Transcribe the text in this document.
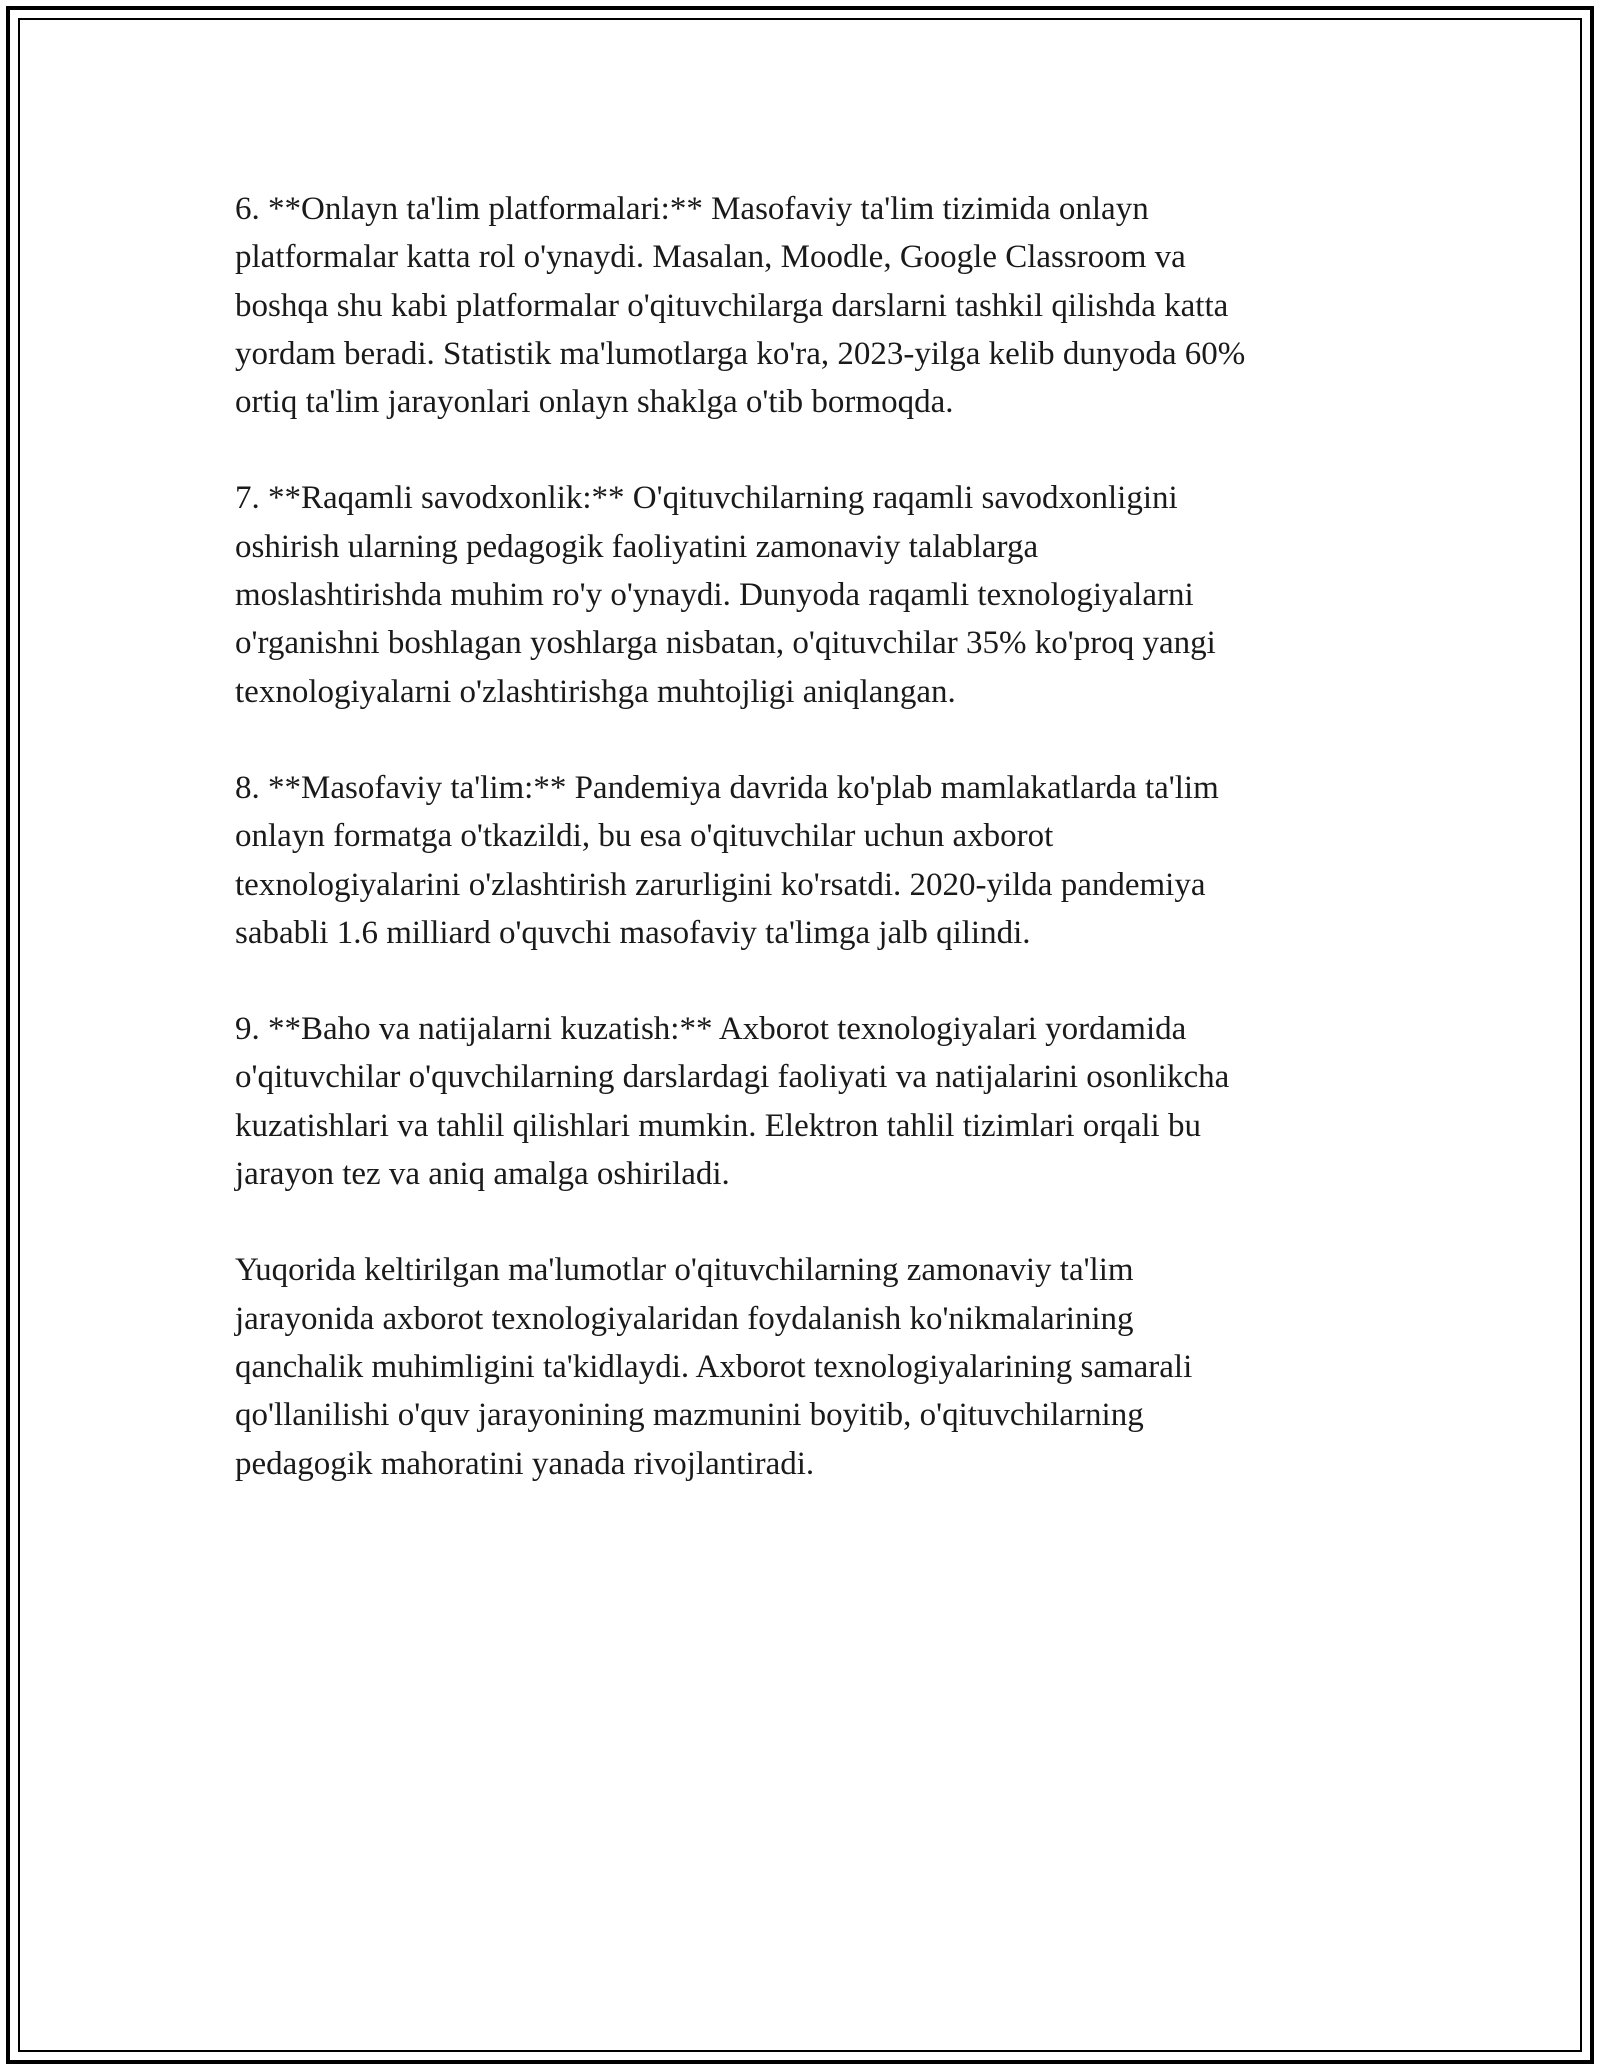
6. **Onlayn ta'lim platformalari:** Masofaviy ta'lim tizimida onlayn
platformalar katta rol o'ynaydi. Masalan, Moodle, Google Classroom va
boshqa shu kabi platformalar o'qituvchilarga darslarni tashkil qilishda katta
yordam beradi. Statistik ma'lumotlarga ko'ra, 2023-yilga kelib dunyoda 60%
ortiq ta'lim jarayonlari onlayn shaklga o'tib bormoqda.

7. **Raqamli savodxonlik:** O'qituvchilarning raqamli savodxonligini
oshirish ularning pedagogik faoliyatini zamonaviy talablarga
moslashtirishda muhim ro'y o'ynaydi. Dunyoda raqamli texnologiyalarni
o'rganishni boshlagan yoshlarga nisbatan, o'qituvchilar 35% ko'proq yangi
texnologiyalarni o'zlashtirishga muhtojligi aniqlangan.

8. **Masofaviy ta'lim:** Pandemiya davrida ko'plab mamlakatlarda ta'lim
onlayn formatga o'tkazildi, bu esa o'qituvchilar uchun axborot
texnologiyalarini o'zlashtirish zarurligini ko'rsatdi. 2020-yilda pandemiya
sababli 1.6 milliard o'quvchi masofaviy ta'limga jalb qilindi.

9. **Baho va natijalarni kuzatish:** Axborot texnologiyalari yordamida
o'qituvchilar o'quvchilarning darslardagi faoliyati va natijalarini osonlikcha
kuzatishlari va tahlil qilishlari mumkin. Elektron tahlil tizimlari orqali bu
jarayon tez va aniq amalga oshiriladi.

Yuqorida keltirilgan ma'lumotlar o'qituvchilarning zamonaviy ta'lim
jarayonida axborot texnologiyalaridan foydalanish ko'nikmalarining
qanchalik muhimligini ta'kidlaydi. Axborot texnologiyalarining samarali
qo'llanilishi o'quv jarayonining mazmunini boyitib, o'qituvchilarning
pedagogik mahoratini yanada rivojlantiradi.
